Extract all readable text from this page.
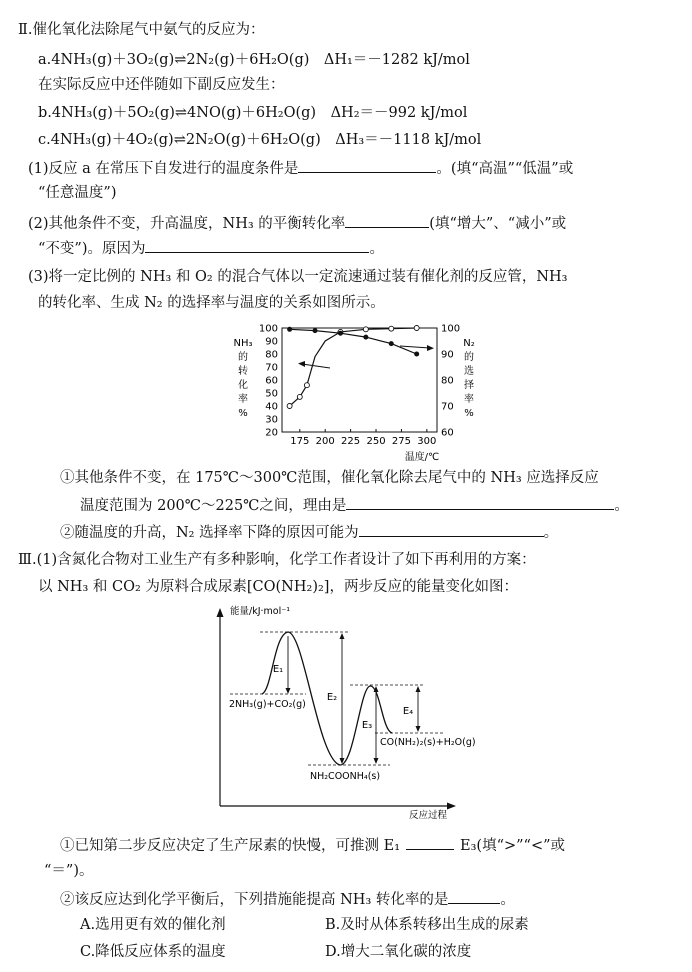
Ⅱ.催化氧化法除尾气中氨气的反应为：
a.4NH₃(g)＋3O₂(g)⇌2N₂(g)＋6H₂O(g)　ΔH₁＝－1282 kJ/mol
在实际反应中还伴随如下副反应发生：
b.4NH₃(g)＋5O₂(g)⇌4NO(g)＋6H₂O(g)　ΔH₂＝－992 kJ/mol
c.4NH₃(g)＋4O₂(g)⇌2N₂O(g)＋6H₂O(g)　ΔH₃＝－1118 kJ/mol
(1)反应 a 在常压下自发进行的温度条件是	。(填“高温”“低温”或
“任意温度”)
(2)其他条件不变，升高温度，NH₃ 的平衡转化率	(填“增大”、“减小”或
“不变”)。原因为	。
(3)将一定比例的 NH₃ 和 O₂ 的混合气体以一定流速通过装有催化剂的反应管，NH₃
的转化率、生成 N₂ 的选择率与温度的关系如图所示。
NH₃
的
转
化
率
%
N₂
的
选
择
率
%
100
90
80
70
60
50
40
30
20
100
90
80
70
60
175 200 225 250 275 300
温度/℃
①其他条件不变，在 175℃～300℃范围，催化氧化除去尾气中的 NH₃ 应选择反应
温度范围为 200℃～225℃之间，理由是	。
②随温度的升高，N₂ 选择率下降的原因可能为	。
Ⅲ.(1)含氮化合物对工业生产有多种影响，化学工作者设计了如下再利用的方案：
以 NH₃ 和 CO₂ 为原料合成尿素[CO(NH₂)₂]，两步反应的能量变化如图：
能量/kJ·mol⁻¹
反应过程
E₁
E₂
E₃
E₄
2NH₃(g)+CO₂(g)
NH₂COONH₄(s)
CO(NH₂)₂(s)+H₂O(g)
①已知第二步反应决定了生产尿素的快慢，可推测 E₁	E₃(填“>”“<”或
“＝”)。
②该反应达到化学平衡后，下列措施能提高 NH₃ 转化率的是	。
A.选用更有效的催化剂	B.及时从体系转移出生成的尿素
C.降低反应体系的温度	D.增大二氧化碳的浓度
